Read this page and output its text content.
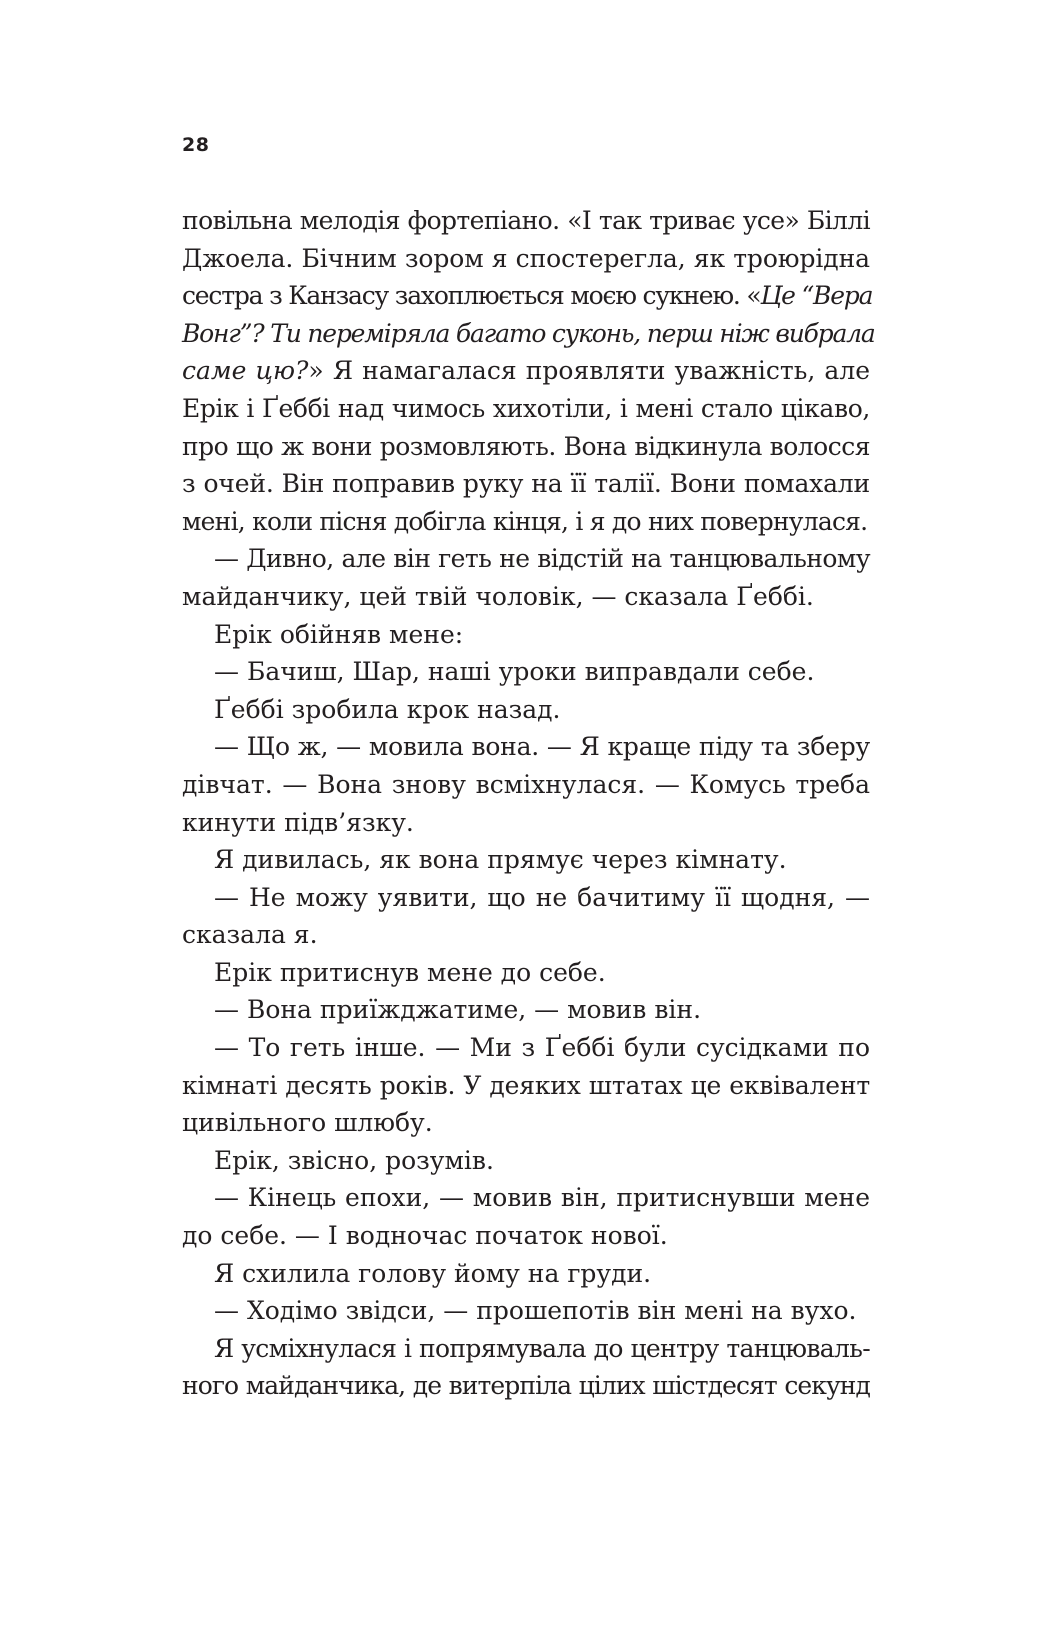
28

повільна мелодія фортепіано. «І так триває усе» Біллі
Джоела. Бічним зором я спостерегла, як троюрідна
сестра з Канзасу захоплюється моєю сукнею. «Це “Вера
Вонг”? Ти переміряла багато суконь, перш ніж вибрала
саме цю?» Я намагалася проявляти уважність, але
Ерік і Ґеббі над чимось хихотіли, і мені стало цікаво,
про що ж вони розмовляють. Вона відкинула волосся
з очей. Він поправив руку на її талії. Вони помахали
мені, коли пісня добігла кінця, і я до них повернулася.

— Дивно, але він геть не відстій на танцювальному
майданчику, цей твій чоловік, — сказала Ґеббі.

Ерік обійняв мене:

— Бачиш, Шар, наші уроки виправдали себе.

Ґеббі зробила крок назад.

— Що ж, — мовила вона. — Я краще піду та зберу
дівчат. — Вона знову всміхнулася. — Комусь треба
кинути підв’язку.

Я дивилась, як вона прямує через кімнату.

— Не можу уявити, що не бачитиму її щодня, —
сказала я.

Ерік притиснув мене до себе.

— Вона приїжджатиме, — мовив він.

— То геть інше. — Ми з Ґеббі були сусідками по
кімнаті десять років. У деяких штатах це еквівалент
цивільного шлюбу.

Ерік, звісно, розумів.

— Кінець епохи, — мовив він, притиснувши мене
до себе. — І водночас початок нової.

Я схилила голову йому на груди.

— Ходімо звідси, — прошепотів він мені на вухо.

Я усміхнулася і попрямувала до центру танцюваль-
ного майданчика, де витерпіла цілих шістдесят секунд
